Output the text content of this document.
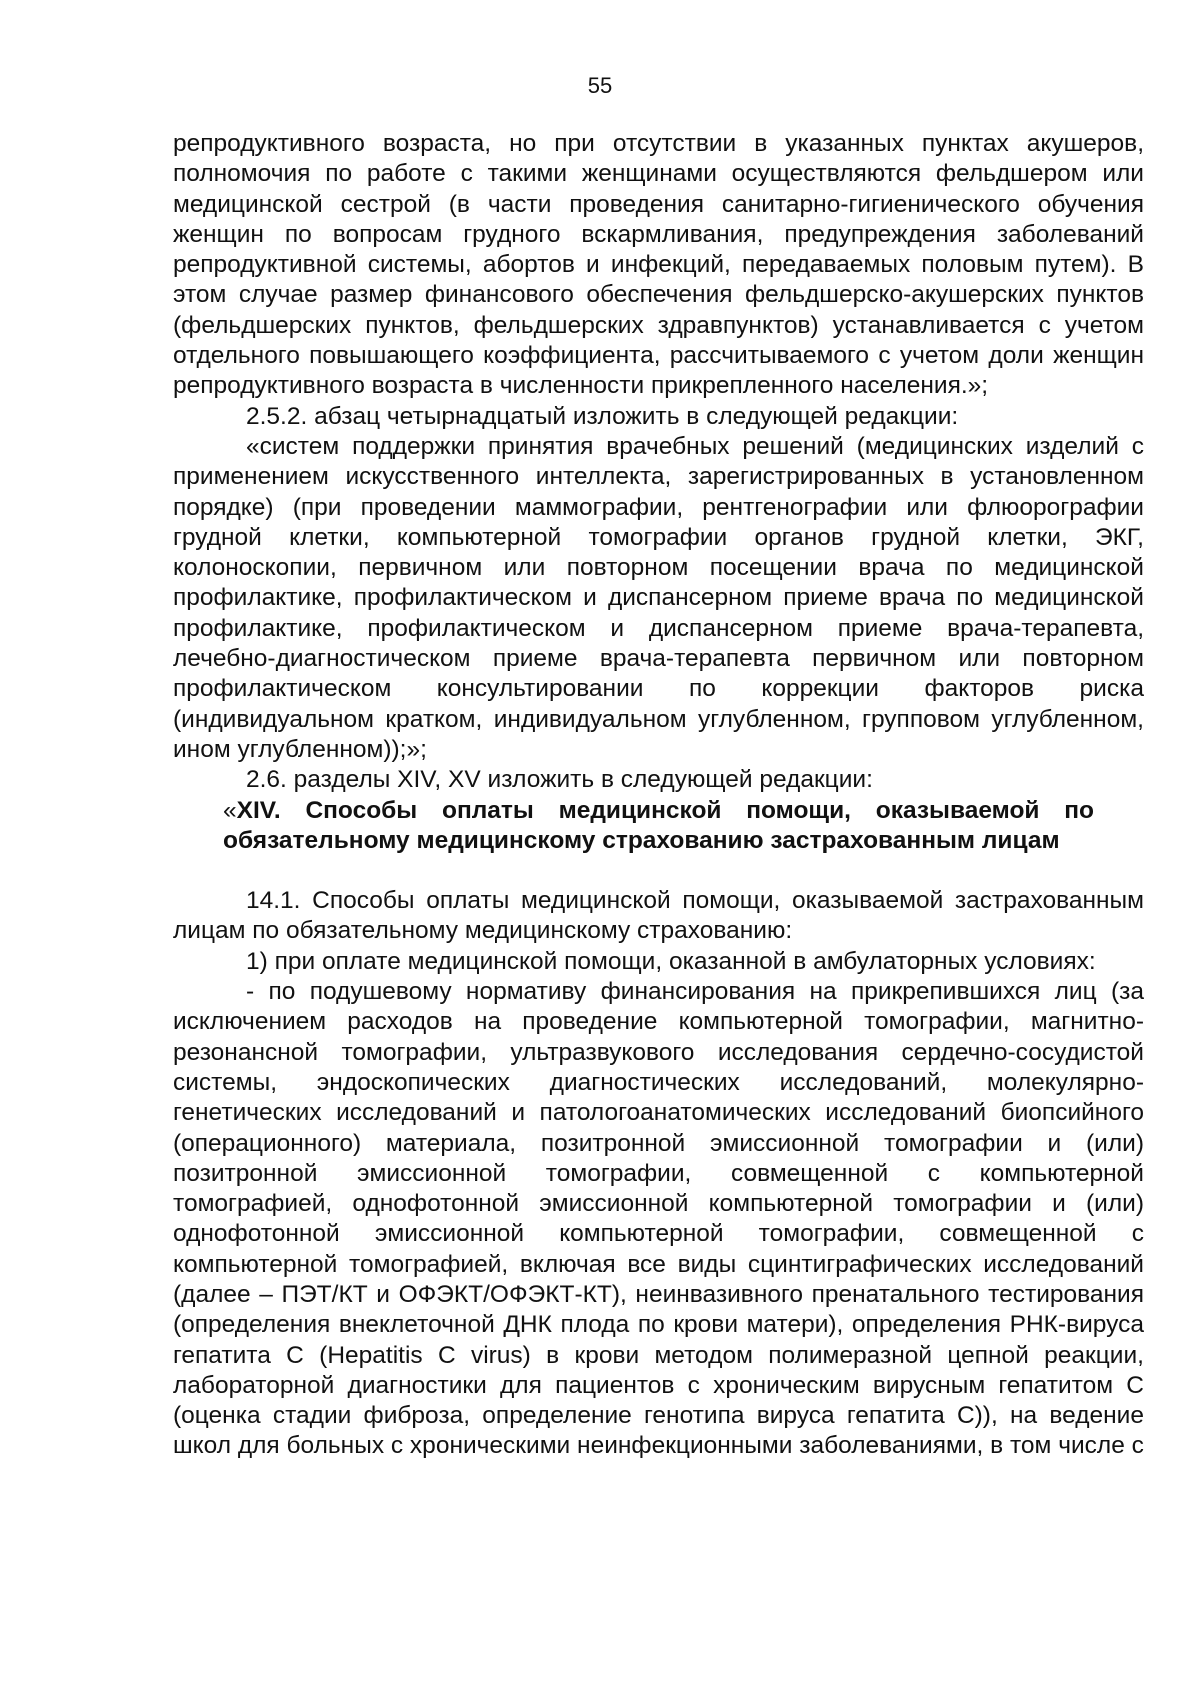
55

репродуктивного возраста, но при отсутствии в указанных пунктах акушеров, полномочия по работе с такими женщинами осуществляются фельдшером или медицинской сестрой (в части проведения санитарно-гигиенического обучения женщин по вопросам грудного вскармливания, предупреждения заболеваний репродуктивной системы, абортов и инфекций, передаваемых половым путем). В этом случае размер финансового обеспечения фельдшерско-акушерских пунктов (фельдшерских пунктов, фельдшерских здравпунктов) устанавливается с учетом отдельного повышающего коэффициента, рассчитываемого с учетом доли женщин репродуктивного возраста в численности прикрепленного населения.»;

2.5.2. абзац четырнадцатый изложить в следующей редакции:

«систем поддержки принятия врачебных решений (медицинских изделий с применением искусственного интеллекта, зарегистрированных в установленном порядке) (при проведении маммографии, рентгенографии или флюорографии грудной клетки, компьютерной томографии органов грудной клетки, ЭКГ, колоноскопии, первичном или повторном посещении врача по медицинской профилактике, профилактическом и диспансерном приеме врача по медицинской профилактике, профилактическом и диспансерном приеме врача-терапевта, лечебно-диагностическом приеме врача-терапевта первичном или повторном профилактическом консультировании по коррекции факторов риска (индивидуальном кратком, индивидуальном углубленном, групповом углубленном, ином углубленном));»;

2.6. разделы XIV, XV изложить в следующей редакции:

«XIV. Способы оплаты медицинской помощи, оказываемой по обязательному медицинскому страхованию застрахованным лицам

14.1. Способы оплаты медицинской помощи, оказываемой застрахованным лицам по обязательному медицинскому страхованию:

1) при оплате медицинской помощи, оказанной в амбулаторных условиях:

- по подушевому нормативу финансирования на прикрепившихся лиц (за исключением расходов на проведение компьютерной томографии, магнитно-резонансной томографии, ультразвукового исследования сердечно-сосудистой системы, эндоскопических диагностических исследований, молекулярно-генетических исследований и патологоанатомических исследований биопсийного (операционного) материала, позитронной эмиссионной томографии и (или) позитронной эмиссионной томографии, совмещенной с компьютерной томографией, однофотонной эмиссионной компьютерной томографии и (или) однофотонной эмиссионной компьютерной томографии, совмещенной с компьютерной томографией, включая все виды сцинтиграфических исследований (далее – ПЭТ/КТ и ОФЭКТ/ОФЭКТ-КТ), неинвазивного пренатального тестирования (определения внеклеточной ДНК плода по крови матери), определения РНК-вируса гепатита С (Hepatitis C virus) в крови методом полимеразной цепной реакции, лабораторной диагностики для пациентов с хроническим вирусным гепатитом С (оценка стадии фиброза, определение генотипа вируса гепатита С)), на ведение школ для больных с хроническими неинфекционными заболеваниями, в том числе с
